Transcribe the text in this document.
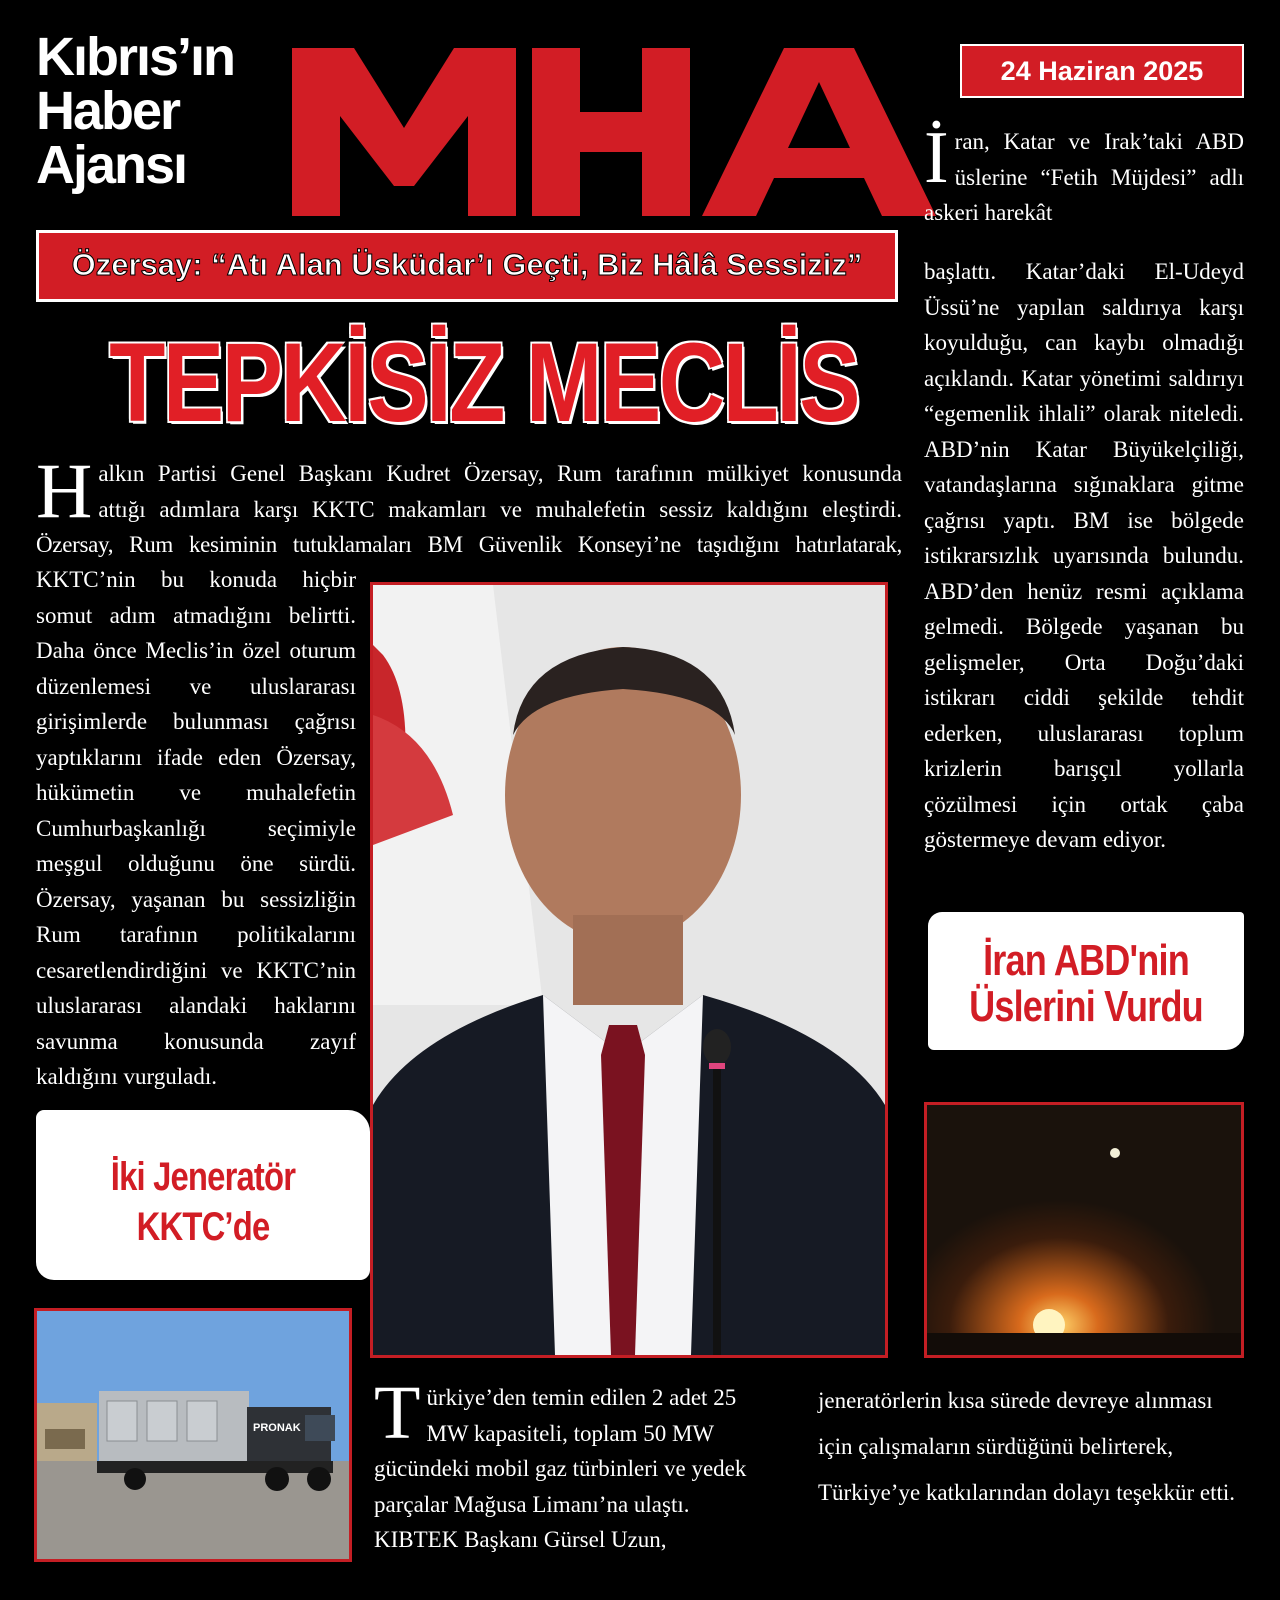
Kıbrıs’ın
Haber
Ajansı
24 Haziran 2025
Özersay: “Atı Alan Üsküdar’ı Geçti, Biz Hâlâ Sessiziz”
TEPKİSİZ MECLİS
H alkın Partisi Genel Başkanı Kudret Özersay, Rum tarafının mülkiyet konusunda
attığı adımlara karşı KKTC makamları ve muhalefetin sessiz kaldığını eleştirdi.
Özersay, Rum kesiminin tutuklamaları BM Güvenlik Konseyi’ne taşıdığını hatırlatarak,
KKTC’nin bu konuda hiçbir somut adım atmadığını belirtti. Daha önce Meclis’in özel oturum düzenlemesi ve uluslararası girişimlerde bulunması çağrısı yaptıklarını ifade eden Özersay, hükümetin ve muhalefetin Cumhurbaşkanlığı seçimiyle meşgul olduğunu öne sürdü. Özersay, yaşanan bu sessizliğin Rum tarafının politikalarını cesaretlendirdiğini ve KKTC’nin uluslararası alandaki haklarını savunma konusunda zayıf kaldığını vurguladı.
İ ran, Katar ve Irak’taki ABD üslerine “Fetih Müjdesi” adlı askeri harekât
başlattı. Katar’daki El-Udeyd Üssü’ne yapılan saldırıya karşı koyulduğu, can kaybı olmadığı açıklandı. Katar yönetimi saldırıyı “egemenlik ihlali” olarak niteledi. ABD’nin Katar Büyükelçiliği, vatandaşlarına sığınaklara gitme çağrısı yaptı. BM ise bölgede istikrarsızlık uyarısında bulundu. ABD’den henüz resmi açıklama gelmedi. Bölgede yaşanan bu gelişmeler, Orta Doğu’daki istikrarı ciddi şekilde tehdit ederken, uluslararası toplum krizlerin barışçıl yollarla çözülmesi için ortak çaba göstermeye devam ediyor.
İran ABD'nin
Üslerini Vurdu
İki Jeneratör
KKTC’de
PRONAK T ürkiye’den temin edilen 2 adet 25 MW kapasiteli, toplam 50 MW gücündeki mobil gaz türbinleri ve yedek parçalar Mağusa Limanı’na ulaştı. KIBTEK Başkanı Gürsel Uzun,
jeneratörlerin kısa sürede devreye alınması için çalışmaların sürdüğünü belirterek, Türkiye’ye katkılarından dolayı teşekkür etti.
